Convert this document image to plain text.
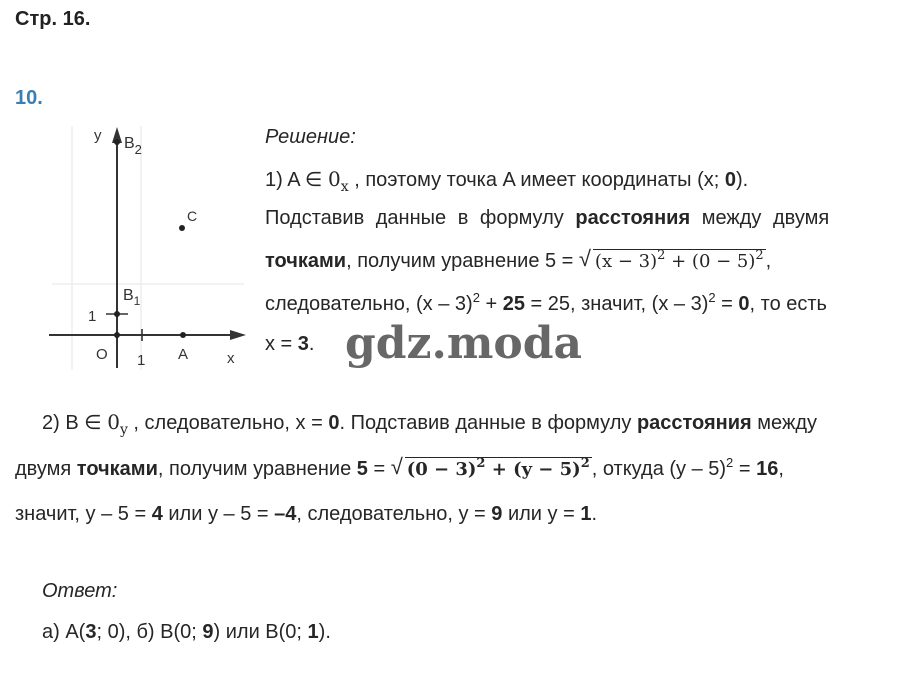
Стр. 16.
10.
y
x
O 1
1
A
C
$B_2$
$B_1$
Решение:
1) A ∈ $0_x$ , поэтому точка A имеет координаты (x; 0).
Подставив данные в формулу расстояния между двумя
точками, получим уравнение 5 = √ $(x - 3)^2 + (0 - 5)^2$ ,
следовательно, (x – 3)$^2$ + 25 = 25, значит, (x – 3)$^2$ = 0, то есть
x = 3. gdz.moda
2) B ∈ $0_y$ , следовательно, x = 0. Подставив данные в формулу расстояния между
двумя точками, получим уравнение 5 = √ $(0 - 3)^2 + (y - 5)^2$ , откуда (y – 5)$^2$ = 16,
значит, y – 5 = 4 или y – 5 = –4, следовательно, y = 9 или y = 1.
Ответ:
а) A(3; 0), б) B(0; 9) или B(0; 1).
